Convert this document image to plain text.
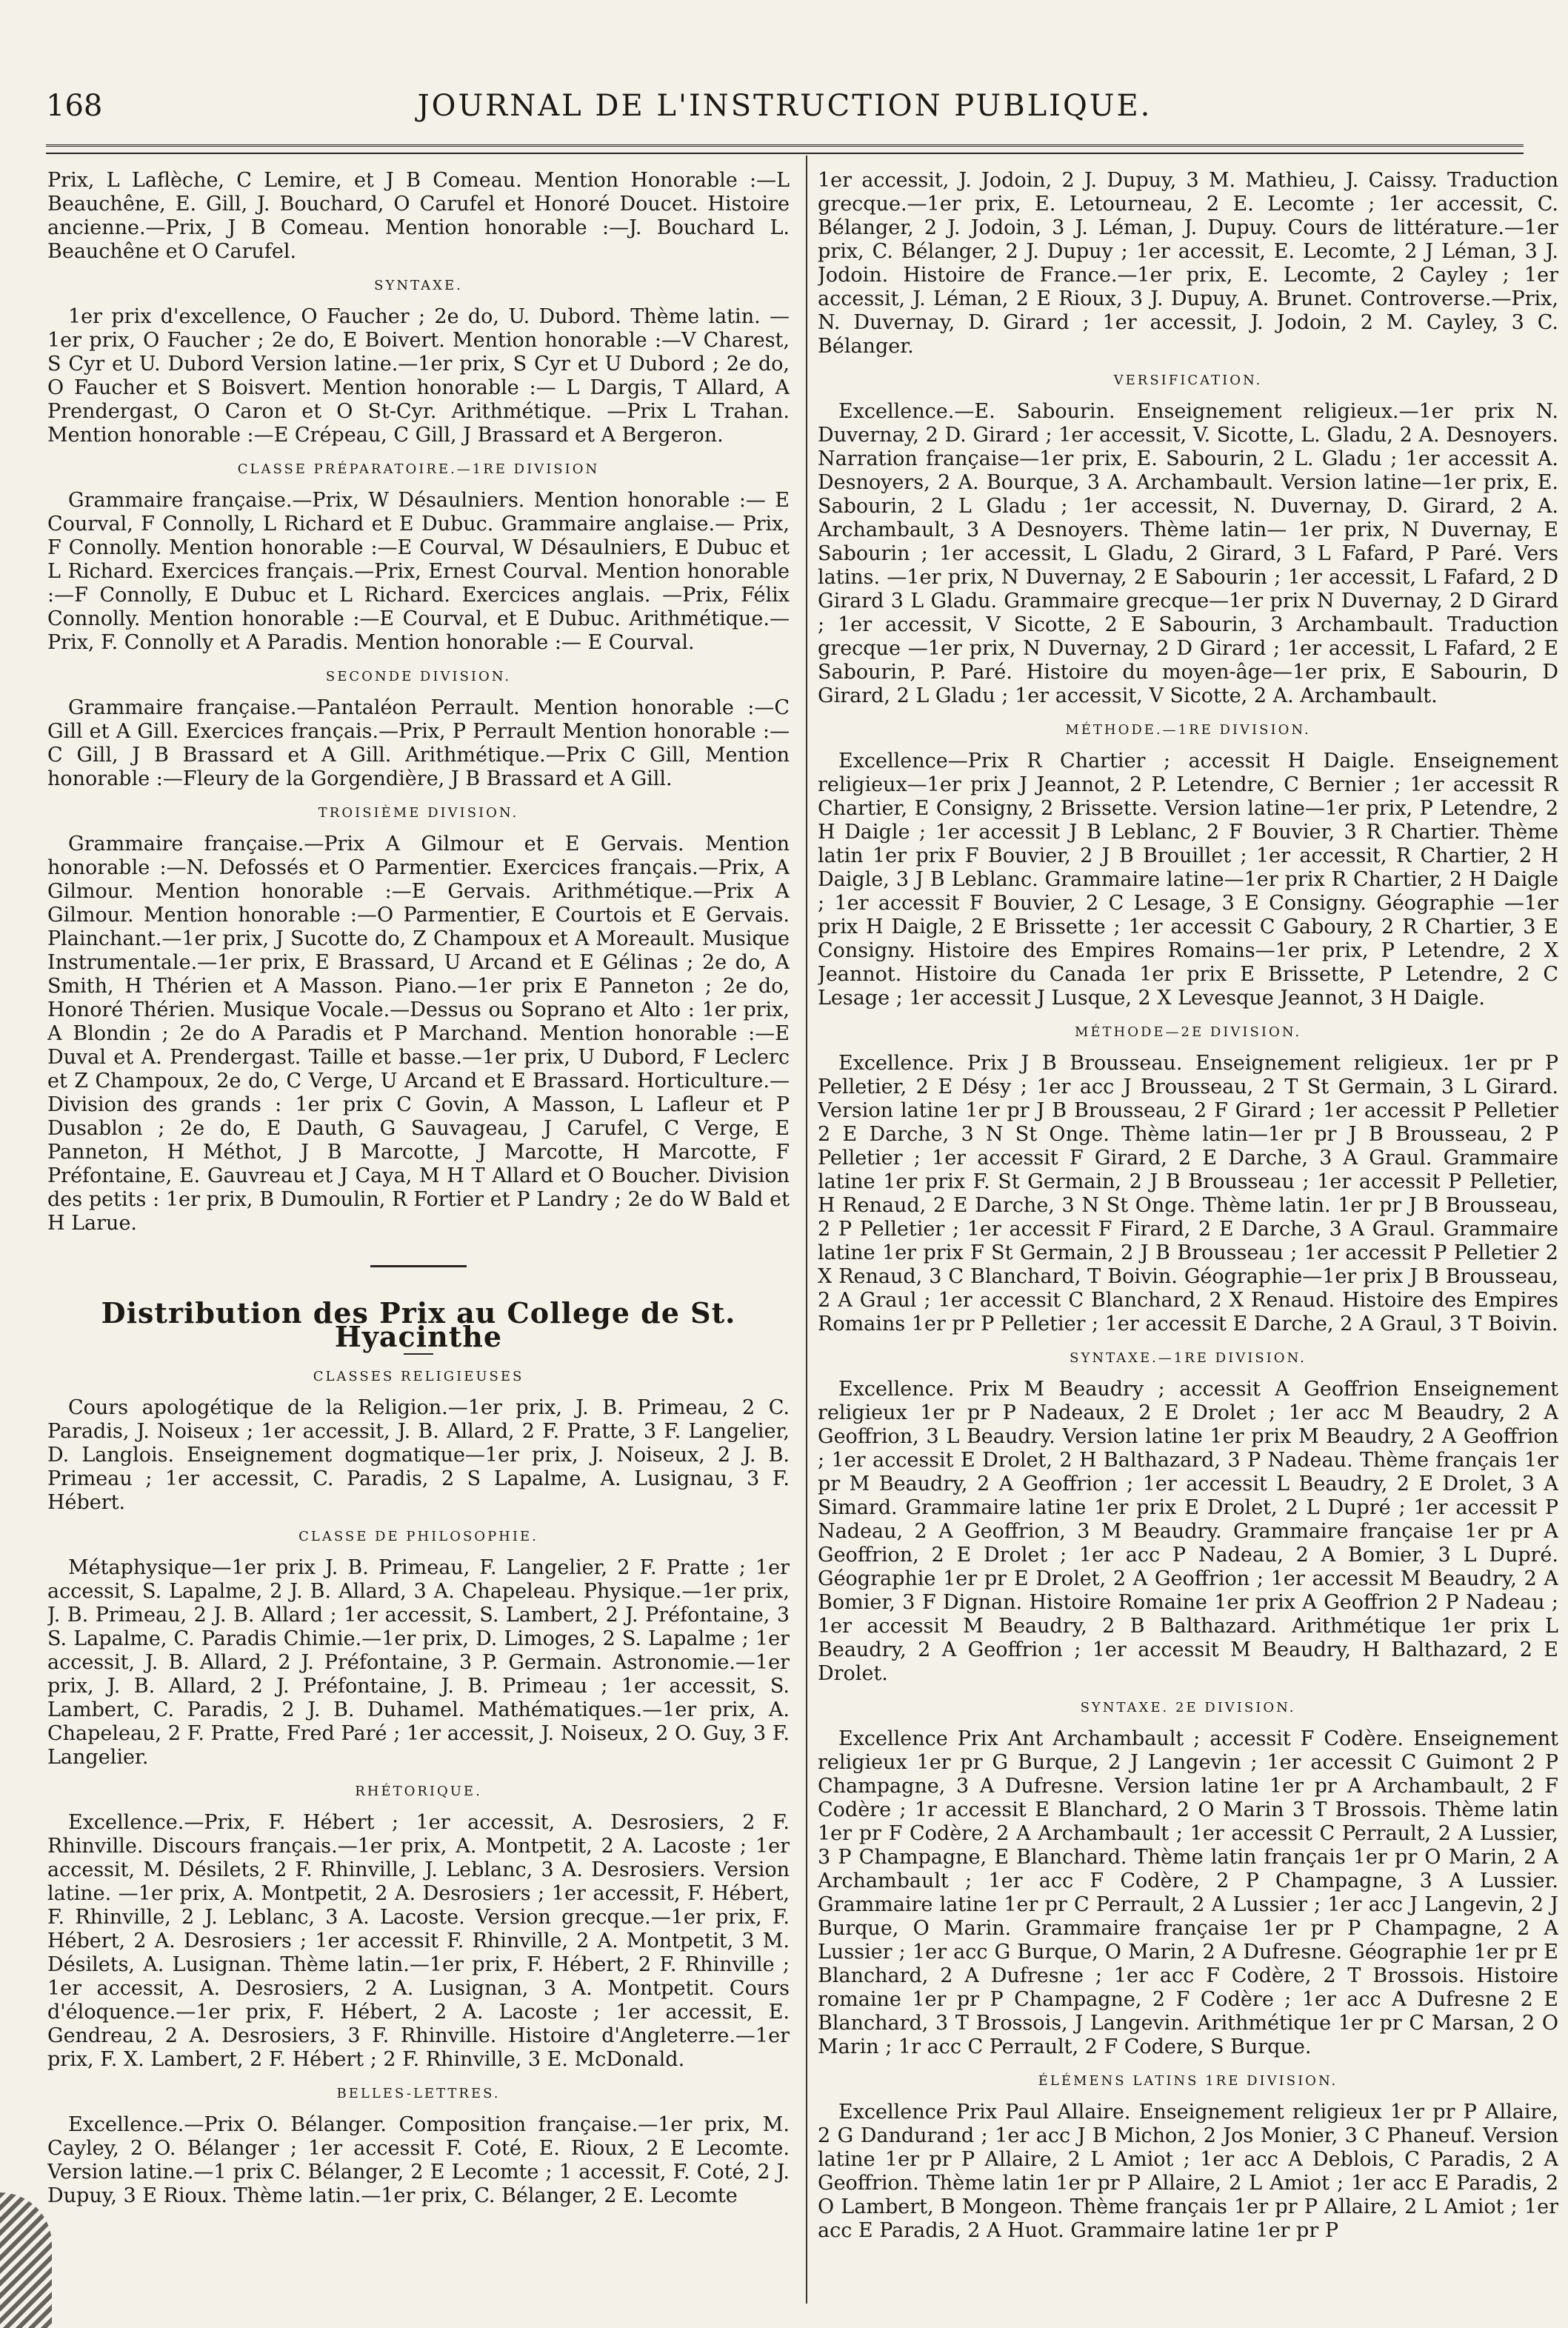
168	JOURNAL DE L'INSTRUCTION PUBLIQUE.

Prix, L Laflèche, C Lemire, et J B Comeau. Mention Honorable :—L Beauchêne, E. Gill, J. Bouchard, O Carufel et Honoré Doucet. Histoire ancienne.—Prix, J B Comeau. Mention honorable :—J. Bouchard L. Beauchêne et O Carufel.

SYNTAXE.

1er prix d'excellence, O Faucher ; 2e do, U. Dubord. Thème latin. — 1er prix, O Faucher ; 2e do, E Boivert. Mention honorable :—V Charest, S Cyr et U. Dubord Version latine.—1er prix, S Cyr et U Dubord ; 2e do, O Faucher et S Boisvert. Mention honorable :— L Dargis, T Allard, A Prendergast, O Caron et O St-Cyr. Arithmétique. —Prix L Trahan. Mention honorable :—E Crépeau, C Gill, J Brassard et A Bergeron.

CLASSE PRÉPARATOIRE.—1RE DIVISION

Grammaire française.—Prix, W Désaulniers. Mention honorable :— E Courval, F Connolly, L Richard et E Dubuc. Grammaire anglaise.— Prix, F Connolly. Mention honorable :—E Courval, W Désaulniers, E Dubuc et L Richard. Exercices français.—Prix, Ernest Courval. Mention honorable :—F Connolly, E Dubuc et L Richard. Exercices anglais. —Prix, Félix Connolly. Mention honorable :—E Courval, et E Dubuc. Arithmétique.—Prix, F. Connolly et A Paradis. Mention honorable :— E Courval.

SECONDE DIVISION.

Grammaire française.—Pantaléon Perrault. Mention honorable :—C Gill et A Gill. Exercices français.—Prix, P Perrault Mention honorable :—C Gill, J B Brassard et A Gill. Arithmétique.—Prix C Gill, Mention honorable :—Fleury de la Gorgendière, J B Brassard et A Gill.

TROISIÈME DIVISION.

Grammaire française.—Prix A Gilmour et E Gervais. Mention honorable :—N. Defossés et O Parmentier. Exercices français.—Prix, A Gilmour. Mention honorable :—E Gervais. Arithmétique.—Prix A Gilmour. Mention honorable :—O Parmentier, E Courtois et E Gervais. Plainchant.—1er prix, J Sucotte do, Z Champoux et A Moreault. Musique Instrumentale.—1er prix, E Brassard, U Arcand et E Gélinas ; 2e do, A Smith, H Thérien et A Masson. Piano.—1er prix E Panneton ; 2e do, Honoré Thérien. Musique Vocale.—Dessus ou Soprano et Alto : 1er prix, A Blondin ; 2e do A Paradis et P Marchand. Mention honorable :—E Duval et A. Prendergast. Taille et basse.—1er prix, U Dubord, F Leclerc et Z Champoux, 2e do, C Verge, U Arcand et E Brassard. Horticulture.—Division des grands : 1er prix C Govin, A Masson, L Lafleur et P Dusablon ; 2e do, E Dauth, G Sauvageau, J Carufel, C Verge, E Panneton, H Méthot, J B Marcotte, J Marcotte, H Marcotte, F Préfontaine, E. Gauvreau et J Caya, M H T Allard et O Boucher. Division des petits : 1er prix, B Dumoulin, R Fortier et P Landry ; 2e do W Bald et H Larue.

Distribution des Prix au College de St. Hyacinthe
CLASSES RELIGIEUSES

Cours apologétique de la Religion.—1er prix, J. B. Primeau, 2 C. Paradis, J. Noiseux ; 1er accessit, J. B. Allard, 2 F. Pratte, 3 F. Langelier, D. Langlois. Enseignement dogmatique—1er prix, J. Noiseux, 2 J. B. Primeau ; 1er accessit, C. Paradis, 2 S Lapalme, A. Lusignau, 3 F. Hébert.

CLASSE DE PHILOSOPHIE.

Métaphysique—1er prix J. B. Primeau, F. Langelier, 2 F. Pratte ; 1er accessit, S. Lapalme, 2 J. B. Allard, 3 A. Chapeleau. Physique.—1er prix, J. B. Primeau, 2 J. B. Allard ; 1er accessit, S. Lambert, 2 J. Préfontaine, 3 S. Lapalme, C. Paradis Chimie.—1er prix, D. Limoges, 2 S. Lapalme ; 1er accessit, J. B. Allard, 2 J. Préfontaine, 3 P. Germain. Astronomie.—1er prix, J. B. Allard, 2 J. Préfontaine, J. B. Primeau ; 1er accessit, S. Lambert, C. Paradis, 2 J. B. Duhamel. Mathématiques.—1er prix, A. Chapeleau, 2 F. Pratte, Fred Paré ; 1er accessit, J. Noiseux, 2 O. Guy, 3 F. Langelier.

RHÉTORIQUE.

Excellence.—Prix, F. Hébert ; 1er accessit, A. Desrosiers, 2 F. Rhinville. Discours français.—1er prix, A. Montpetit, 2 A. Lacoste ; 1er accessit, M. Désilets, 2 F. Rhinville, J. Leblanc, 3 A. Desrosiers. Version latine. —1er prix, A. Montpetit, 2 A. Desrosiers ; 1er accessit, F. Hébert, F. Rhinville, 2 J. Leblanc, 3 A. Lacoste. Version grecque.—1er prix, F. Hébert, 2 A. Desrosiers ; 1er accessit F. Rhinville, 2 A. Montpetit, 3 M. Désilets, A. Lusignan. Thème latin.—1er prix, F. Hébert, 2 F. Rhinville ; 1er accessit, A. Desrosiers, 2 A. Lusignan, 3 A. Montpetit. Cours d'éloquence.—1er prix, F. Hébert, 2 A. Lacoste ; 1er accessit, E. Gendreau, 2 A. Desrosiers, 3 F. Rhinville. Histoire d'Angleterre.—1er prix, F. X. Lambert, 2 F. Hébert ; 2 F. Rhinville, 3 E. McDonald.

BELLES-LETTRES.

Excellence.—Prix O. Bélanger. Composition française.—1er prix, M. Cayley, 2 O. Bélanger ; 1er accessit F. Coté, E. Rioux, 2 E Lecomte. Version latine.—1 prix C. Bélanger, 2 E Lecomte ; 1 accessit, F. Coté, 2 J. Dupuy, 3 E Rioux. Thème latin.—1er prix, C. Bélanger, 2 E. Lecomte

1er accessit, J. Jodoin, 2 J. Dupuy, 3 M. Mathieu, J. Caissy. Traduction grecque.—1er prix, E. Letourneau, 2 E. Lecomte ; 1er accessit, C. Bélanger, 2 J. Jodoin, 3 J. Léman, J. Dupuy. Cours de littérature.—1er prix, C. Bélanger, 2 J. Dupuy ; 1er accessit, E. Lecomte, 2 J Léman, 3 J. Jodoin. Histoire de France.—1er prix, E. Lecomte, 2 Cayley ; 1er accessit, J. Léman, 2 E Rioux, 3 J. Dupuy, A. Brunet. Controverse.—Prix, N. Duvernay, D. Girard ; 1er accessit, J. Jodoin, 2 M. Cayley, 3 C. Bélanger.

VERSIFICATION.

Excellence.—E. Sabourin. Enseignement religieux.—1er prix N. Duvernay, 2 D. Girard ; 1er accessit, V. Sicotte, L. Gladu, 2 A. Desnoyers. Narration française—1er prix, E. Sabourin, 2 L. Gladu ; 1er accessit A. Desnoyers, 2 A. Bourque, 3 A. Archambault. Version latine—1er prix, E. Sabourin, 2 L Gladu ; 1er accessit, N. Duvernay, D. Girard, 2 A. Archambault, 3 A Desnoyers. Thème latin— 1er prix, N Duvernay, E Sabourin ; 1er accessit, L Gladu, 2 Girard, 3 L Fafard, P Paré. Vers latins. —1er prix, N Duvernay, 2 E Sabourin ; 1er accessit, L Fafard, 2 D Girard 3 L Gladu. Grammaire grecque—1er prix N Duvernay, 2 D Girard ; 1er accessit, V Sicotte, 2 E Sabourin, 3 Archambault. Traduction grecque —1er prix, N Duvernay, 2 D Girard ; 1er accessit, L Fafard, 2 E Sabourin, P. Paré. Histoire du moyen-âge—1er prix, E Sabourin, D Girard, 2 L Gladu ; 1er accessit, V Sicotte, 2 A. Archambault.

MÉTHODE.—1RE DIVISION.

Excellence—Prix R Chartier ; accessit H Daigle. Enseignement religieux—1er prix J Jeannot, 2 P. Letendre, C Bernier ; 1er accessit R Chartier, E Consigny, 2 Brissette. Version latine—1er prix, P Letendre, 2 H Daigle ; 1er accessit J B Leblanc, 2 F Bouvier, 3 R Chartier. Thème latin 1er prix F Bouvier, 2 J B Brouillet ; 1er accessit, R Chartier, 2 H Daigle, 3 J B Leblanc. Grammaire latine—1er prix R Chartier, 2 H Daigle ; 1er accessit F Bouvier, 2 C Lesage, 3 E Consigny. Géographie —1er prix H Daigle, 2 E Brissette ; 1er accessit C Gaboury, 2 R Chartier, 3 E Consigny. Histoire des Empires Romains—1er prix, P Letendre, 2 X Jeannot. Histoire du Canada 1er prix E Brissette, P Letendre, 2 C Lesage ; 1er accessit J Lusque, 2 X Levesque Jeannot, 3 H Daigle.

MÉTHODE—2E DIVISION.

Excellence. Prix J B Brousseau. Enseignement religieux. 1er pr P Pelletier, 2 E Désy ; 1er acc J Brousseau, 2 T St Germain, 3 L Girard. Version latine 1er pr J B Brousseau, 2 F Girard ; 1er accessit P Pelletier 2 E Darche, 3 N St Onge. Thème latin—1er pr J B Brousseau, 2 P Pelletier ; 1er accessit F Girard, 2 E Darche, 3 A Graul. Grammaire latine 1er prix F. St Germain, 2 J B Brousseau ; 1er accessit P Pelletier, H Renaud, 2 E Darche, 3 N St Onge. Thème latin. 1er pr J B Brousseau, 2 P Pelletier ; 1er accessit F Firard, 2 E Darche, 3 A Graul. Grammaire latine 1er prix F St Germain, 2 J B Brousseau ; 1er accessit P Pelletier 2 X Renaud, 3 C Blanchard, T Boivin. Géographie—1er prix J B Brousseau, 2 A Graul ; 1er accessit C Blanchard, 2 X Renaud. Histoire des Empires Romains 1er pr P Pelletier ; 1er accessit E Darche, 2 A Graul, 3 T Boivin.

SYNTAXE.—1RE DIVISION.

Excellence. Prix M Beaudry ; accessit A Geoffrion Enseignement religieux 1er pr P Nadeaux, 2 E Drolet ; 1er acc M Beaudry, 2 A Geoffrion, 3 L Beaudry. Version latine 1er prix M Beaudry, 2 A Geoffrion ; 1er accessit E Drolet, 2 H Balthazard, 3 P Nadeau. Thème français 1er pr M Beaudry, 2 A Geoffrion ; 1er accessit L Beaudry, 2 E Drolet, 3 A Simard. Grammaire latine 1er prix E Drolet, 2 L Dupré ; 1er accessit P Nadeau, 2 A Geoffrion, 3 M Beaudry. Grammaire française 1er pr A Geoffrion, 2 E Drolet ; 1er acc P Nadeau, 2 A Bomier, 3 L Dupré. Géographie 1er pr E Drolet, 2 A Geoffrion ; 1er accessit M Beaudry, 2 A Bomier, 3 F Dignan. Histoire Romaine 1er prix A Geoffrion 2 P Nadeau ; 1er accessit M Beaudry, 2 B Balthazard. Arithmétique 1er prix L Beaudry, 2 A Geoffrion ; 1er accessit M Beaudry, H Balthazard, 2 E Drolet.

SYNTAXE. 2E DIVISION.

Excellence Prix Ant Archambault ; accessit F Codère. Enseignement religieux 1er pr G Burque, 2 J Langevin ; 1er accessit C Guimont 2 P Champagne, 3 A Dufresne. Version latine 1er pr A Archambault, 2 F Codère ; 1r accessit E Blanchard, 2 O Marin 3 T Brossois. Thème latin 1er pr F Codère, 2 A Archambault ; 1er accessit C Perrault, 2 A Lussier, 3 P Champagne, E Blanchard. Thème latin français 1er pr O Marin, 2 A Archambault ; 1er acc F Codère, 2 P Champagne, 3 A Lussier. Grammaire latine 1er pr C Perrault, 2 A Lussier ; 1er acc J Langevin, 2 J Burque, O Marin. Grammaire française 1er pr P Champagne, 2 A Lussier ; 1er acc G Burque, O Marin, 2 A Dufresne. Géographie 1er pr E Blanchard, 2 A Dufresne ; 1er acc F Codère, 2 T Brossois. Histoire romaine 1er pr P Champagne, 2 F Codère ; 1er acc A Dufresne 2 E Blanchard, 3 T Brossois, J Langevin. Arithmétique 1er pr C Marsan, 2 O Marin ; 1r acc C Perrault, 2 F Codere, S Burque.

ÉLÉMENS LATINS 1RE DIVISION.

Excellence Prix Paul Allaire. Enseignement religieux 1er pr P Allaire, 2 G Dandurand ; 1er acc J B Michon, 2 Jos Monier, 3 C Phaneuf. Version latine 1er pr P Allaire, 2 L Amiot ; 1er acc A Deblois, C Paradis, 2 A Geoffrion. Thème latin 1er pr P Allaire, 2 L Amiot ; 1er acc E Paradis, 2 O Lambert, B Mongeon. Thème français 1er pr P Allaire, 2 L Amiot ; 1er acc E Paradis, 2 A Huot. Grammaire latine 1er pr P
